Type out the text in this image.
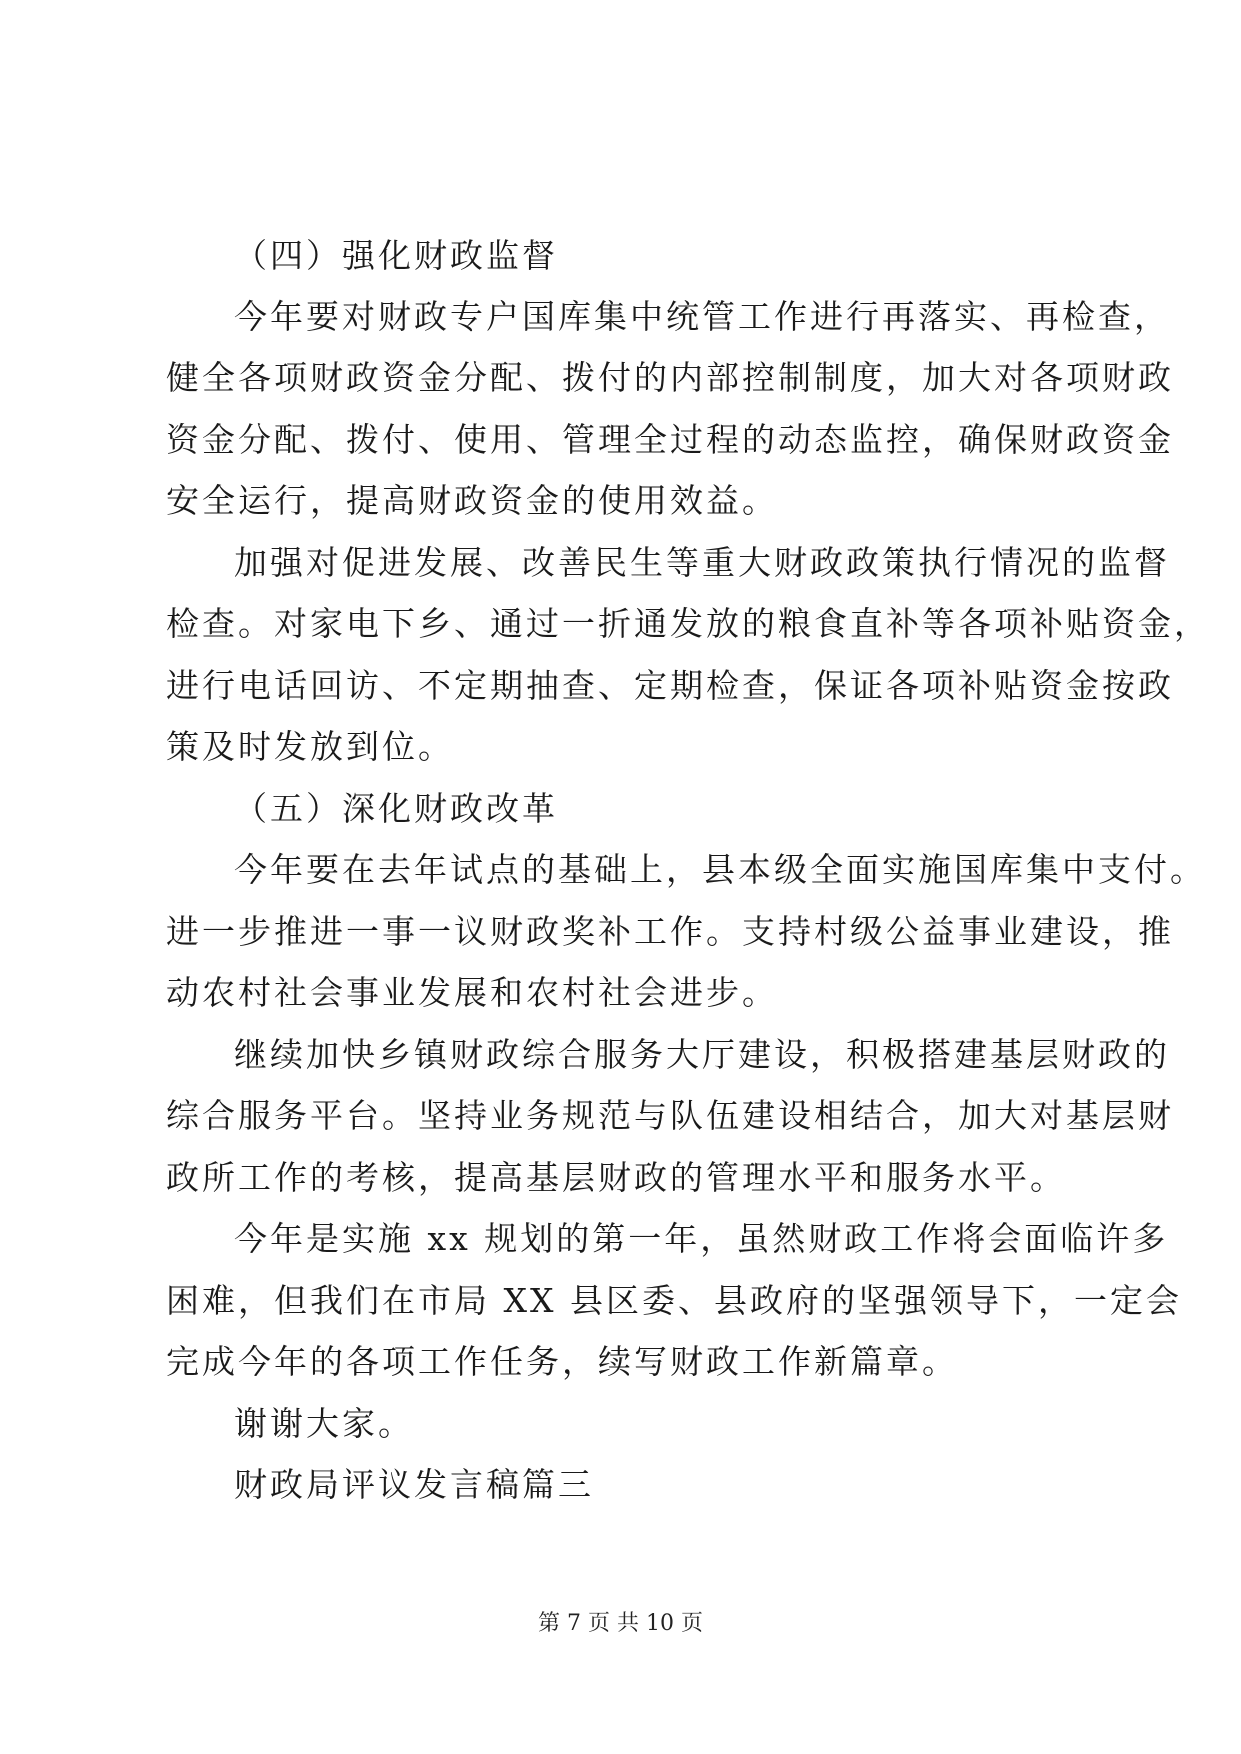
（四）强化财政监督

今年要对财政专户国库集中统管工作进行再落实、再检查，

健全各项财政资金分配、拨付的内部控制制度，加大对各项财政

资金分配、拨付、使用、管理全过程的动态监控，确保财政资金

安全运行，提高财政资金的使用效益。

加强对促进发展、改善民生等重大财政政策执行情况的监督

检查。对家电下乡、通过一折通发放的粮食直补等各项补贴资金，

进行电话回访、不定期抽查、定期检查，保证各项补贴资金按政

策及时发放到位。

（五）深化财政改革

今年要在去年试点的基础上，县本级全面实施国库集中支付。

进一步推进一事一议财政奖补工作。支持村级公益事业建设，推

动农村社会事业发展和农村社会进步。

继续加快乡镇财政综合服务大厅建设，积极搭建基层财政的

综合服务平台。坚持业务规范与队伍建设相结合，加大对基层财

政所工作的考核，提高基层财政的管理水平和服务水平。

今年是实施 xx 规划的第一年，虽然财政工作将会面临许多

困难，但我们在市局 XX 县区委、县政府的坚强领导下，一定会

完成今年的各项工作任务，续写财政工作新篇章。

谢谢大家。

财政局评议发言稿篇三

第 7 页 共 10 页
